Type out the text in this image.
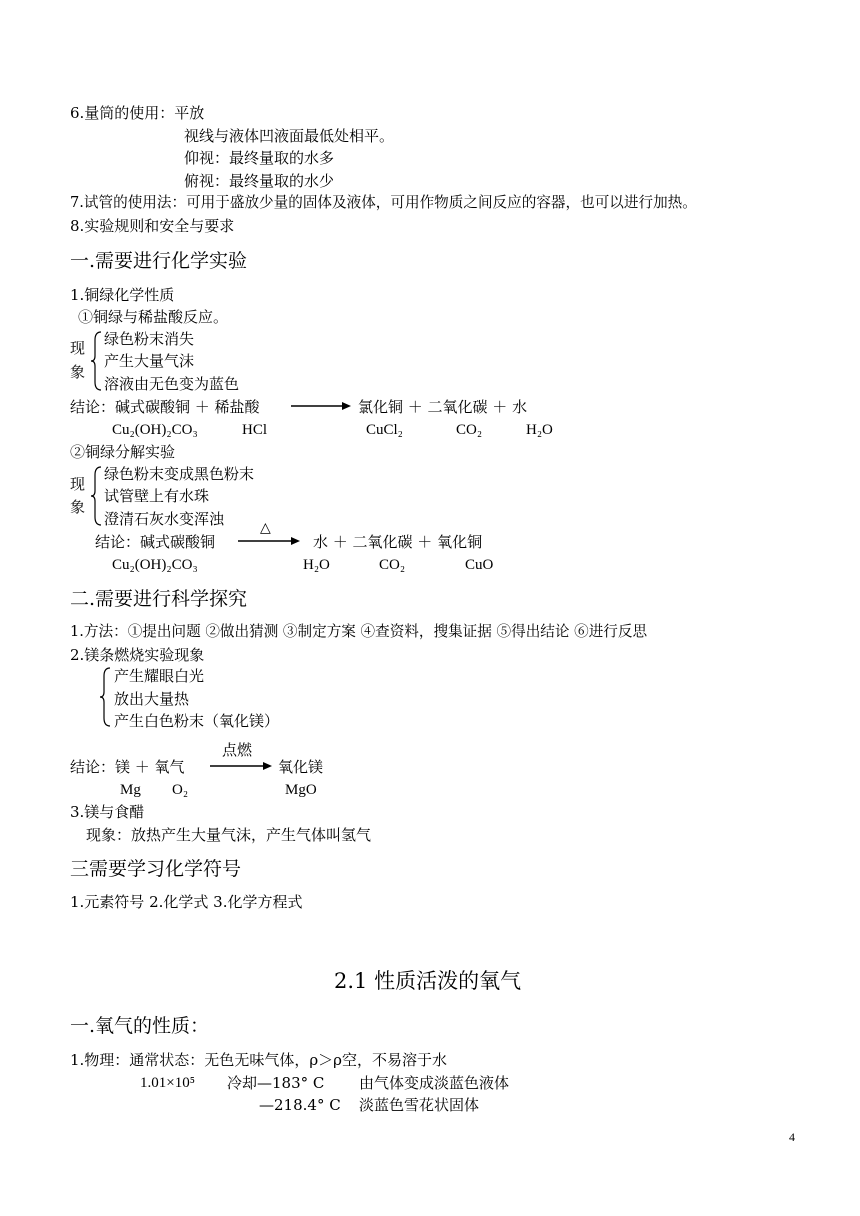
6.量筒的使用：平放
视线与液体凹液面最低处相平。
仰视：最终量取的水多
俯视：最终量取的水少
7.试管的使用法：可用于盛放少量的固体及液体，可用作物质之间反应的容器，也可以进行加热。
8.实验规则和安全与要求
一.需要进行化学实验
1.铜绿化学性质
①铜绿与稀盐酸反应。
现
象
绿色粉末消失
产生大量气沫
溶液由无色变为蓝色
结论：碱式碳酸铜 ＋ 稀盐酸	氯化铜 ＋ 二氧化碳 ＋ 水
Cu₂(OH)₂CO₃	HCl	CuCl₂	CO₂	H₂O
②铜绿分解实验
现
象
绿色粉末变成黑色粉末
试管壁上有水珠
澄清石灰水变浑浊	△
结论：碱式碳酸铜	水 ＋ 二氧化碳 ＋ 氧化铜
Cu₂(OH)₂CO₃	H₂O	CO₂	CuO
二.需要进行科学探究
1.方法：①提出问题 ②做出猜测 ③制定方案 ④查资料，搜集证据 ⑤得出结论 ⑥进行反思
2.镁条燃烧实验现象
产生耀眼白光
放出大量热
产生白色粉末（氧化镁）
点燃
结论：镁 ＋ 氧气	氧化镁
Mg O₂	MgO
3.镁与食醋
现象：放热产生大量气沫，产生气体叫氢气
三需要学习化学符号
1.元素符号 2.化学式 3.化学方程式
2.1 性质活泼的氧气
一.氧气的性质：
1.物理：通常状态：无色无味气体，ρ＞ρ空，不易溶于水
1.01×10⁵ 冷却—183° C 由气体变成淡蓝色液体
—218.4° C 淡蓝色雪花状固体
4
